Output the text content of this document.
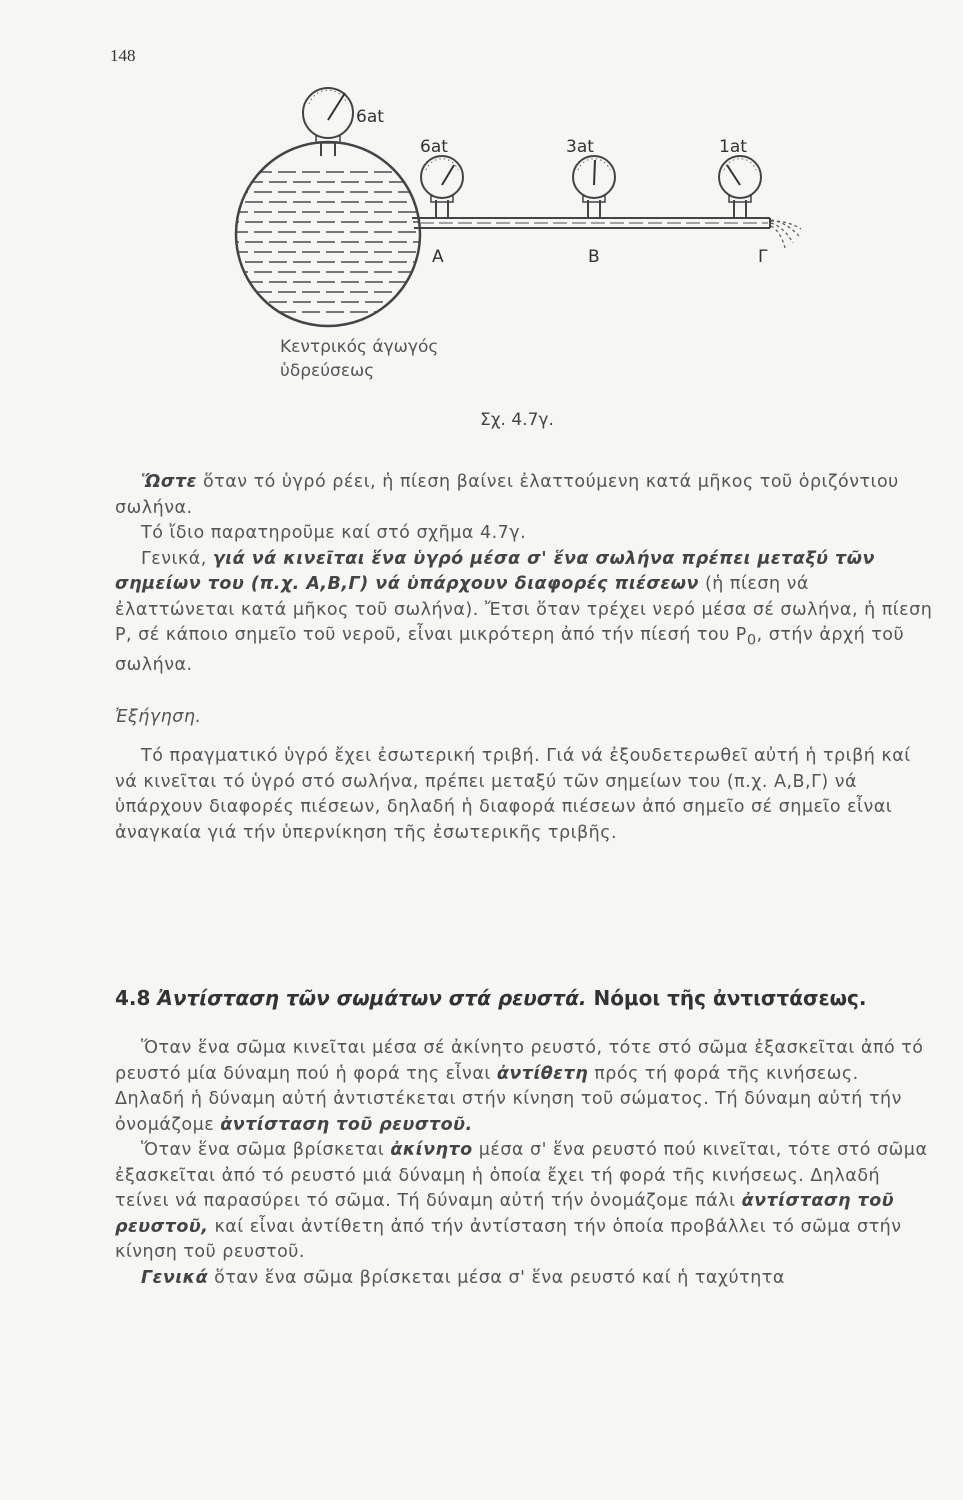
148
6at
6at	3at	1at
Α	Β	Γ
Κεντρικός άγωγός
ὑδρεύσεως
Σχ. 4.7γ.

Ὥστε ὅταν τό ὑγρό ρέει, ἡ πίεση βαίνει ἐλαττούμενη κατά μῆκος τοῦ ὁριζόντιου σωλήνα.

Τό ἴδιο παρατηροῦμε καί στό σχῆμα 4.7γ.

Γενικά, γιά νά κινεῖται ἕνα ὑγρό μέσα σ' ἕνα σωλήνα πρέπει μεταξύ τῶν σημείων του (π.χ. Α,Β,Γ) νά ὑπάρχουν διαφορές πιέσεων (ἡ πίεση νά ἐλαττώνεται κατά μῆκος τοῦ σωλήνα). Ἔτσι ὅταν τρέχει νερό μέσα σέ σωλήνα, ἡ πίεση Ρ, σέ κάποιο σημεῖο τοῦ νεροῦ, εἶναι μικρότερη ἀπό τήν πίεσή του $P_0$, στήν ἀρχή τοῦ σωλήνα.

Ἐξήγηση.

Τό πραγματικό ὑγρό ἔχει ἐσωτερική τριβή. Γιά νά ἐξουδετερωθεῖ αὐτή ἡ τριβή καί νά κινεῖται τό ὑγρό στό σωλήνα, πρέπει μεταξύ τῶν σημείων του (π.χ. Α,Β,Γ) νά ὑπάρχουν διαφορές πιέσεων, δηλαδή ἡ διαφορά πιέσεων ἀπό σημεῖο σέ σημεῖο εἶναι ἀναγκαία γιά τήν ὑπερνίκηση τῆς ἐσωτερικῆς τριβῆς.

4.8 Ἀντίσταση τῶν σωμάτων στά ρευστά. Νόμοι τῆς ἀντιστάσεως.

Ὅταν ἕνα σῶμα κινεῖται μέσα σέ ἀκίνητο ρευστό, τότε στό σῶμα ἐξασκεῖται ἀπό τό ρευστό μία δύναμη πού ἡ φορά της εἶναι ἀντίθετη πρός τή φορά τῆς κινήσεως. Δηλαδή ἡ δύναμη αὐτή ἀντιστέκεται στήν κίνηση τοῦ σώματος. Τή δύναμη αὐτή τήν ὀνομάζομε ἀντίσταση τοῦ ρευστοῦ.

Ὅταν ἕνα σῶμα βρίσκεται ἀκίνητο μέσα σ' ἕνα ρευστό πού κινεῖται, τότε στό σῶμα ἐξασκεῖται ἀπό τό ρευστό μιά δύναμη ἡ ὁποία ἔχει τή φορά τῆς κινήσεως. Δηλαδή τείνει νά παρασύρει τό σῶμα. Τή δύναμη αὐτή τήν ὀνομάζομε πάλι ἀντίσταση τοῦ ρευστοῦ, καί εἶναι ἀντίθετη ἀπό τήν ἀντίσταση τήν ὁποία προβάλλει τό σῶμα στήν κίνηση τοῦ ρευστοῦ.

Γενικά ὅταν ἕνα σῶμα βρίσκεται μέσα σ' ἕνα ρευστό καί ἡ ταχύτητα
